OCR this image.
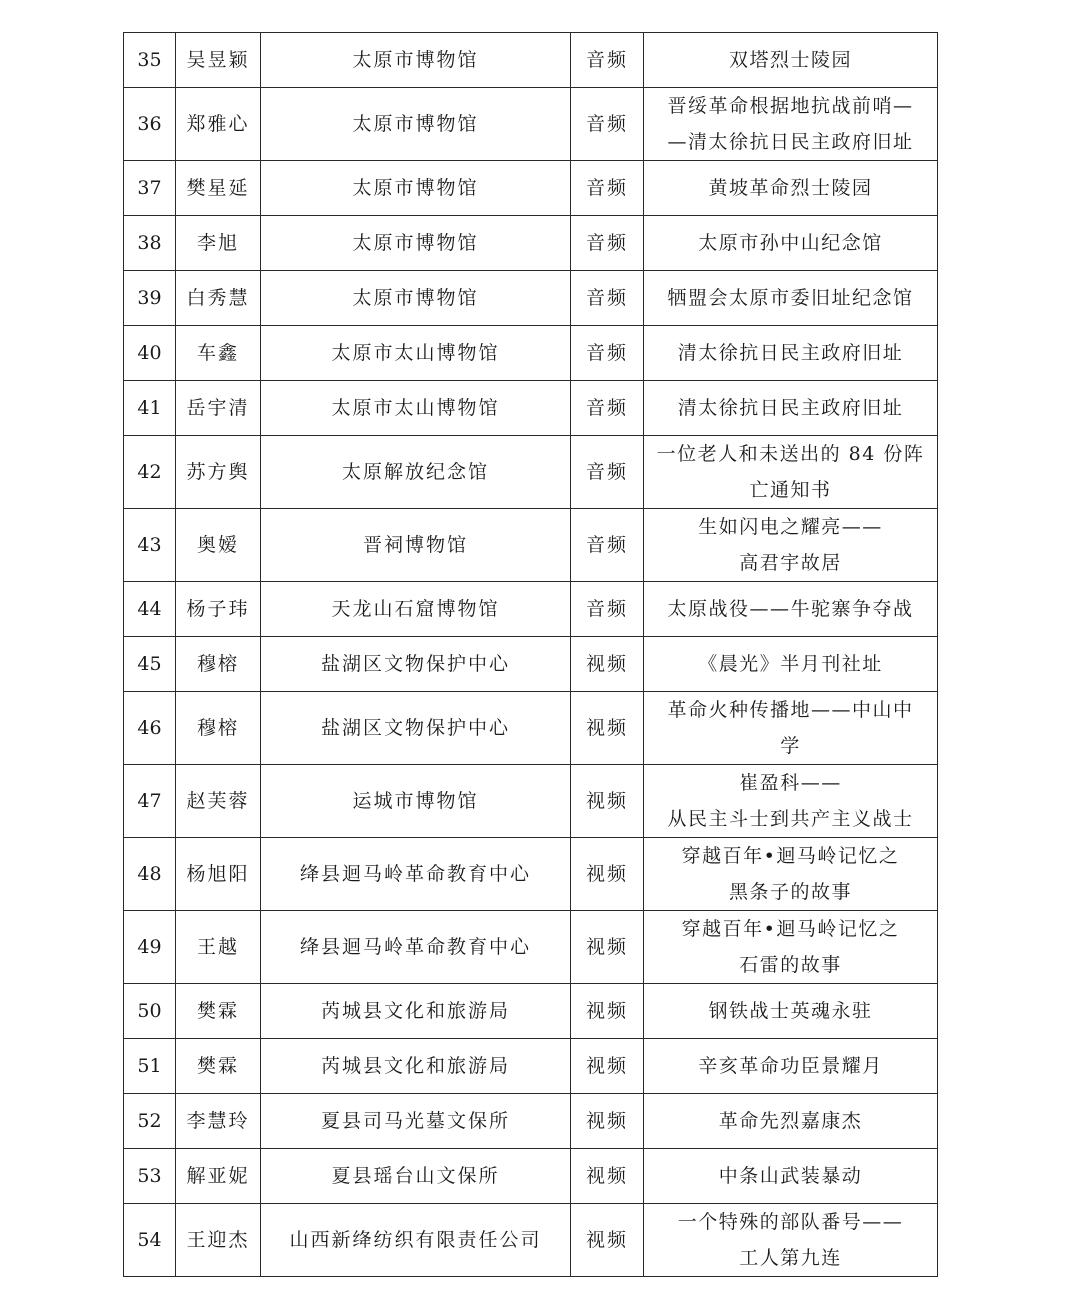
35	吴昱颖	太原市博物馆	音频	双塔烈士陵园

36	郑雅心	太原市博物馆	音频	晋绥革命根据地抗战前哨—
—清太徐抗日民主政府旧址

37	樊星延	太原市博物馆	音频	黄坡革命烈士陵园

38	李旭	太原市博物馆	音频	太原市孙中山纪念馆

39	白秀慧	太原市博物馆	音频	牺盟会太原市委旧址纪念馆

40	车鑫	太原市太山博物馆	音频	清太徐抗日民主政府旧址

41	岳宇清	太原市太山博物馆	音频	清太徐抗日民主政府旧址

42	苏方舆	太原解放纪念馆	音频	一位老人和未送出的 84 份阵
亡通知书

43	奥嫒	晋祠博物馆	音频	生如闪电之耀亮——
高君宇故居

44	杨子玮	天龙山石窟博物馆	音频	太原战役——牛驼寨争夺战

45	穆榕	盐湖区文物保护中心	视频	《晨光》半月刊社址

46	穆榕	盐湖区文物保护中心	视频	革命火种传播地——中山中
学

47	赵芙蓉	运城市博物馆	视频	崔盈科——
从民主斗士到共产主义战士

48	杨旭阳	绛县迴马岭革命教育中心	视频	穿越百年•迴马岭记忆之
黑条子的故事

49	王越	绛县迴马岭革命教育中心	视频	穿越百年•迴马岭记忆之
石雷的故事

50	樊霖	芮城县文化和旅游局	视频	钢铁战士英魂永驻

51	樊霖	芮城县文化和旅游局	视频	辛亥革命功臣景耀月

52	李慧玲	夏县司马光墓文保所	视频	革命先烈嘉康杰

53	解亚妮	夏县瑶台山文保所	视频	中条山武装暴动

54	王迎杰	山西新绛纺织有限责任公司	视频	一个特殊的部队番号——
工人第九连
